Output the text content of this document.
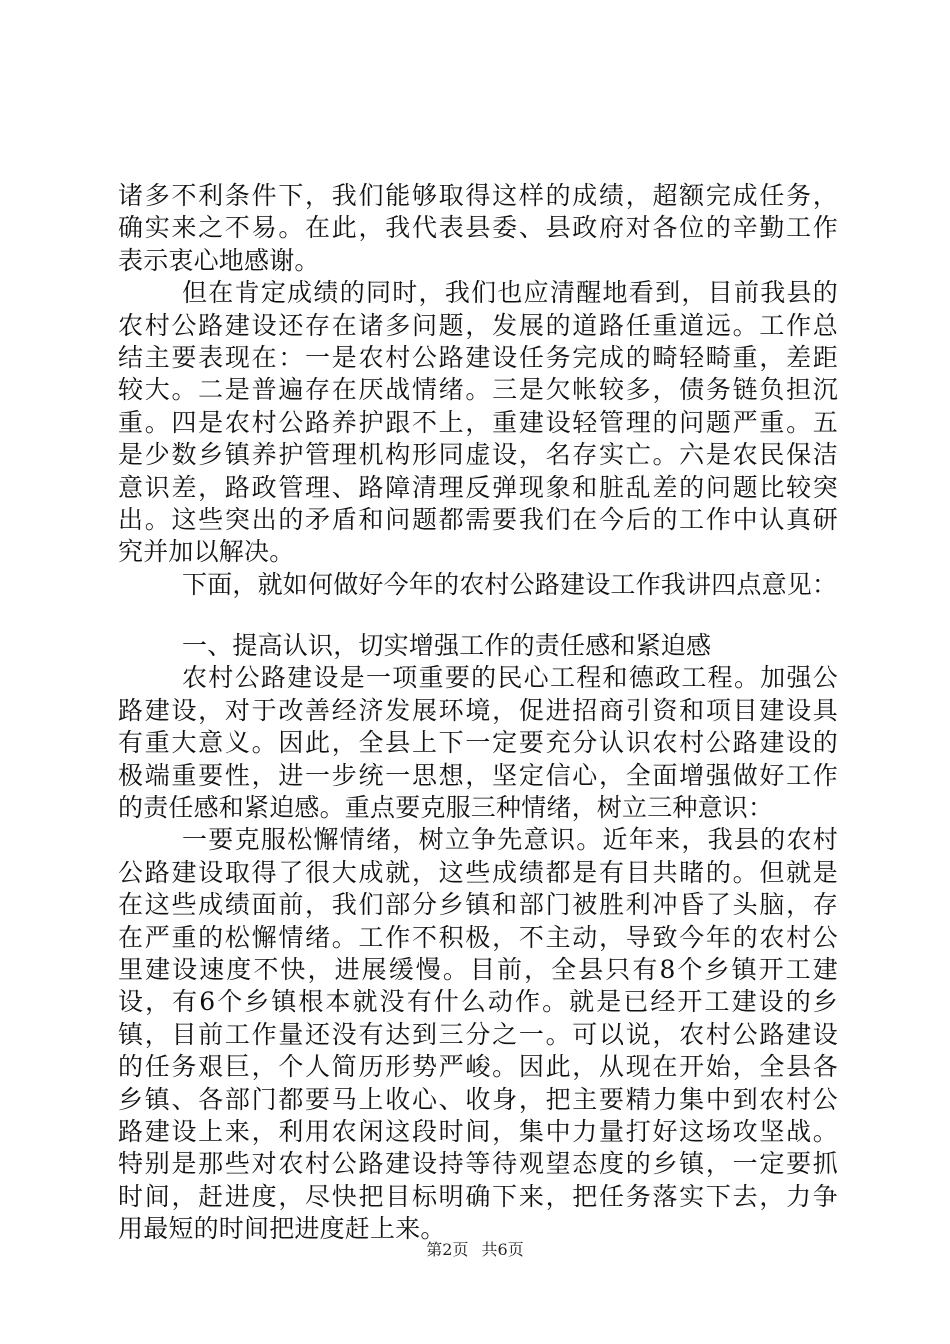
诸多不利条件下，我们能够取得这样的成绩，超额完成任务，
确实来之不易。在此，我代表县委、县政府对各位的辛勤工作
表示衷心地感谢。
但在肯定成绩的同时，我们也应清醒地看到，目前我县的
农村公路建设还存在诸多问题，发展的道路任重道远。工作总
结主要表现在：一是农村公路建设任务完成的畸轻畸重，差距
较大。二是普遍存在厌战情绪。三是欠帐较多，债务链负担沉
重。四是农村公路养护跟不上，重建设轻管理的问题严重。五
是少数乡镇养护管理机构形同虚设，名存实亡。六是农民保洁
意识差，路政管理、路障清理反弹现象和脏乱差的问题比较突
出。这些突出的矛盾和问题都需要我们在今后的工作中认真研
究并加以解决。
下面，就如何做好今年的农村公路建设工作我讲四点意见：
一、提高认识，切实增强工作的责任感和紧迫感
农村公路建设是一项重要的民心工程和德政工程。加强公
路建设，对于改善经济发展环境，促进招商引资和项目建设具
有重大意义。因此，全县上下一定要充分认识农村公路建设的
极端重要性，进一步统一思想，坚定信心，全面增强做好工作
的责任感和紧迫感。重点要克服三种情绪，树立三种意识：
一要克服松懈情绪，树立争先意识。近年来，我县的农村
公路建设取得了很大成就，这些成绩都是有目共睹的。但就是
在这些成绩面前，我们部分乡镇和部门被胜利冲昏了头脑，存
在严重的松懈情绪。工作不积极，不主动，导致今年的农村公
里建设速度不快，进展缓慢。目前，全县只有8个乡镇开工建
设，有6个乡镇根本就没有什么动作。就是已经开工建设的乡
镇，目前工作量还没有达到三分之一。可以说，农村公路建设
的任务艰巨，个人简历形势严峻。因此，从现在开始，全县各
乡镇、各部门都要马上收心、收身，把主要精力集中到农村公
路建设上来，利用农闲这段时间，集中力量打好这场攻坚战。
特别是那些对农村公路建设持等待观望态度的乡镇，一定要抓
时间，赶进度，尽快把目标明确下来，把任务落实下去，力争
用最短的时间把进度赶上来。
第2页 共6页
